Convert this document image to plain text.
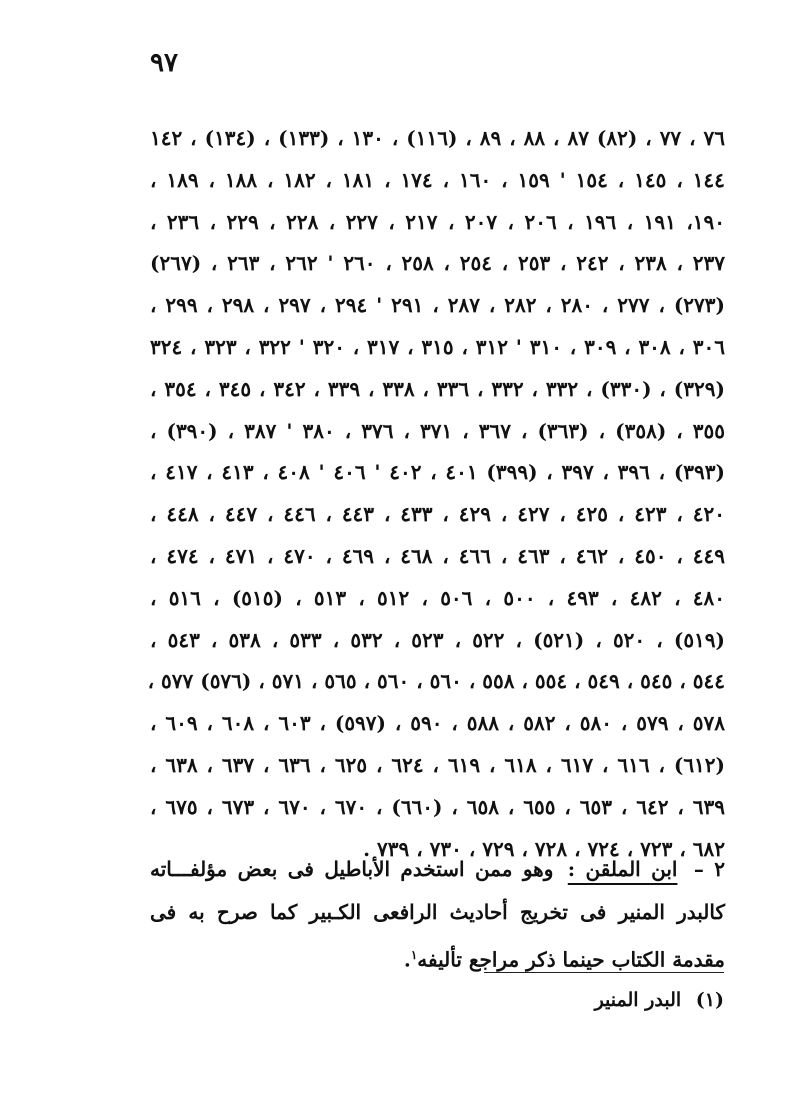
٩٧
٧٦ ، ٧٧ ، (٨٢) ٨٧ ، ٨٨ ، ٨٩ ، (١١٦) ، ١٣٠ ، (١٣٣) ، (١٣٤) ، ١٤٢
١٤٤ ، ١٤٥ ، ١٥٤ ' ١٥٩ ، ١٦٠ ، ١٧٤ ، ١٨١ ، ١٨٢ ، ١٨٨ ، ١٨٩ ،
١٩٠، ١٩١ ، ١٩٦ ، ٢٠٦ ، ٢٠٧ ، ٢١٧ ، ٢٢٧ ، ٢٢٨ ، ٢٢٩ ، ٢٣٦ ،
٢٣٧ ، ٢٣٨ ، ٢٤٢ ، ٢٥٣ ، ٢٥٤ ، ٢٥٨ ، ٢٦٠ ' ٢٦٢ ، ٢٦٣ ، (٢٦٧)
(٢٧٣) ، ٢٧٧ ، ٢٨٠ ، ٢٨٢ ، ٢٨٧ ، ٢٩١ ' ٢٩٤ ، ٢٩٧ ، ٢٩٨ ، ٢٩٩ ،
٣٠٦ ، ٣٠٨ ، ٣٠٩ ، ٣١٠ ' ٣١٢ ، ٣١٥ ، ٣١٧ ، ٣٢٠ ' ٣٢٢ ، ٣٢٣ ، ٣٢٤
(٣٢٩) ، (٣٣٠) ، ٣٣٢ ، ٣٣٢ ، ٣٣٦ ، ٣٣٨ ، ٣٣٩ ، ٣٤٢ ، ٣٤٥ ، ٣٥٤ ،
٣٥٥ ، (٣٥٨) ، (٣٦٣) ، ٣٦٧ ، ٣٧١ ، ٣٧٦ ، ٣٨٠ ' ٣٨٧ ، (٣٩٠) ،
(٣٩٣) ، ٣٩٦ ، ٣٩٧ ، (٣٩٩) ٤٠١ ، ٤٠٢ ' ٤٠٦ ' ٤٠٨ ، ٤١٣ ، ٤١٧ ،
٤٢٠ ، ٤٢٣ ، ٤٢٥ ، ٤٢٧ ، ٤٢٩ ، ٤٣٣ ، ٤٤٣ ، ٤٤٦ ، ٤٤٧ ، ٤٤٨ ،
٤٤٩ ، ٤٥٠ ، ٤٦٢ ، ٤٦٣ ، ٤٦٦ ، ٤٦٨ ، ٤٦٩ ، ٤٧٠ ، ٤٧١ ، ٤٧٤ ،
٤٨٠ ، ٤٨٢ ، ٤٩٣ ، ٥٠٠ ، ٥٠٦ ، ٥١٢ ، ٥١٣ ، (٥١٥) ، ٥١٦ ،
(٥١٩) ، ٥٢٠ ، (٥٢١) ، ٥٢٢ ، ٥٢٣ ، ٥٣٢ ، ٥٣٣ ، ٥٣٨ ، ٥٤٣ ،
٥٤٤ ، ٥٤٥ ، ٥٤٩ ، ٥٥٤ ، ٥٥٨ ، ٥٦٠ ، ٥٦٠ ، ٥٦٥ ، ٥٧١ ، (٥٧٦) ٥٧٧ ،
٥٧٨ ، ٥٧٩ ، ٥٨٠ ، ٥٨٢ ، ٥٨٨ ، ٥٩٠ ، (٥٩٧) ، ٦٠٣ ، ٦٠٨ ، ٦٠٩ ،
(٦١٢) ، ٦١٦ ، ٦١٧ ، ٦١٨ ، ٦١٩ ، ٦٢٤ ، ٦٢٥ ، ٦٣٦ ، ٦٣٧ ، ٦٣٨ ،
٦٣٩ ، ٦٤٢ ، ٦٥٣ ، ٦٥٥ ، ٦٥٨ ، (٦٦٠) ، ٦٧٠ ، ٦٧٠ ، ٦٧٣ ، ٦٧٥ ،
٦٨٢ ، ٧٢٣ ، ٧٢٤ ، ٧٢٨ ، ٧٢٩ ، ٧٣٠ ، ٧٣٩ .

٢ – ابن الملقن : وهو ممن استخدم الأباطيل فى بعض مؤلفـــاته كالبدر المنير فى تخريج أحاديث الرافعى الكـبير كما صرح به فى مقدمة الكتاب حينما ذكر مراجع تأليفه$^١$.

(١) البدر المنير
